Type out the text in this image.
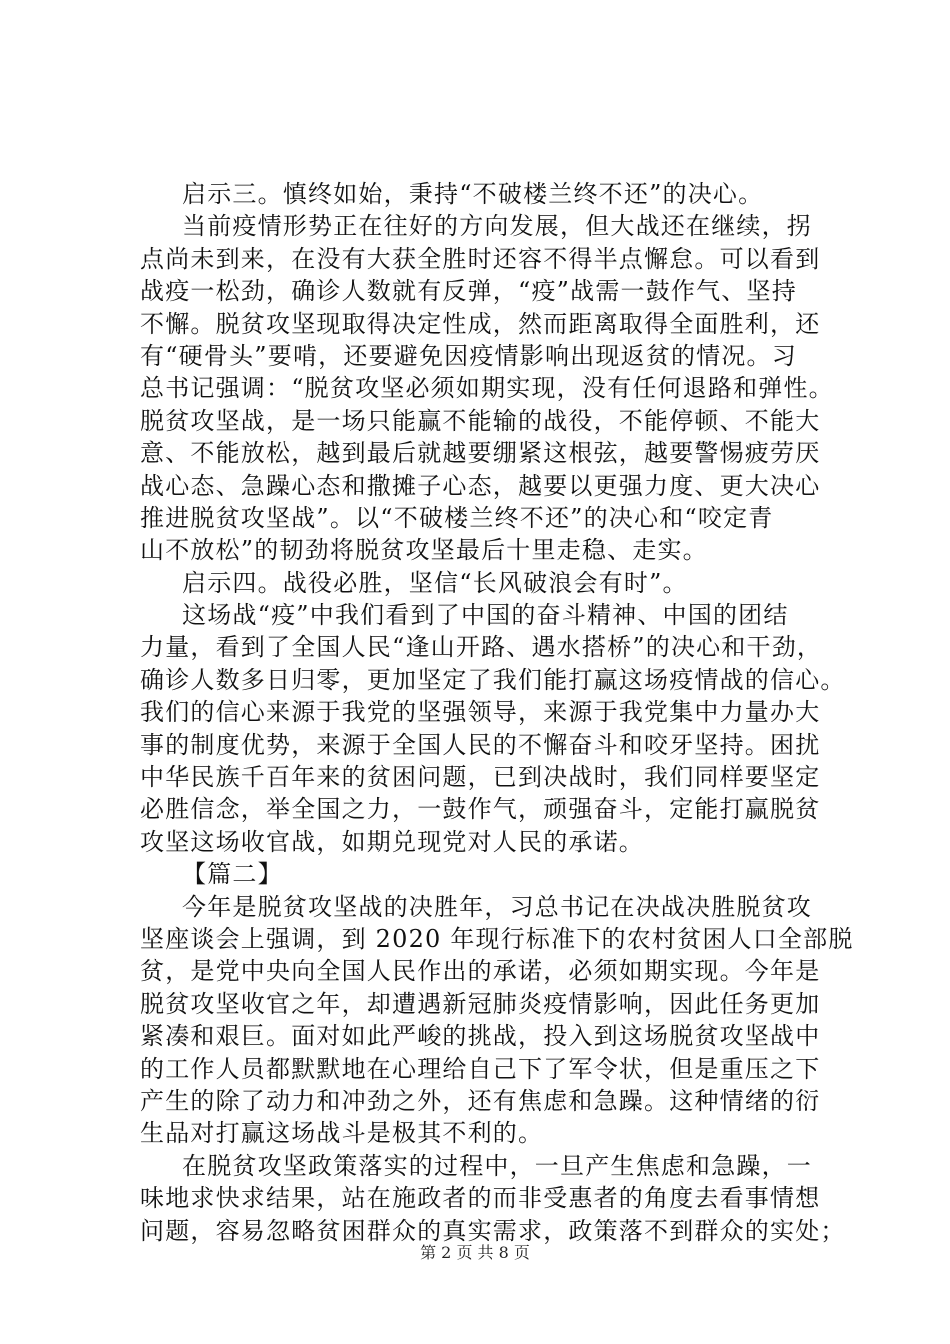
启示三。慎终如始，秉持“不破楼兰终不还”的决心。
当前疫情形势正在往好的方向发展，但大战还在继续，拐
点尚未到来，在没有大获全胜时还容不得半点懈怠。可以看到
战疫一松劲，确诊人数就有反弹，“疫”战需一鼓作气、坚持
不懈。脱贫攻坚现取得决定性成，然而距离取得全面胜利，还
有“硬骨头”要啃，还要避免因疫情影响出现返贫的情况。习
总书记强调：“脱贫攻坚必须如期实现，没有任何退路和弹性。
脱贫攻坚战，是一场只能赢不能输的战役，不能停顿、不能大
意、不能放松，越到最后就越要绷紧这根弦，越要警惕疲劳厌
战心态、急躁心态和撒摊子心态，越要以更强力度、更大决心
推进脱贫攻坚战”。以“不破楼兰终不还”的决心和“咬定青
山不放松”的韧劲将脱贫攻坚最后十里走稳、走实。
启示四。战役必胜，坚信“长风破浪会有时”。
这场战“疫”中我们看到了中国的奋斗精神、中国的团结
力量，看到了全国人民“逢山开路、遇水搭桥”的决心和干劲，
确诊人数多日归零，更加坚定了我们能打赢这场疫情战的信心。
我们的信心来源于我党的坚强领导，来源于我党集中力量办大
事的制度优势，来源于全国人民的不懈奋斗和咬牙坚持。困扰
中华民族千百年来的贫困问题，已到决战时，我们同样要坚定
必胜信念，举全国之力，一鼓作气，顽强奋斗，定能打赢脱贫
攻坚这场收官战，如期兑现党对人民的承诺。
【篇二】
今年是脱贫攻坚战的决胜年，习总书记在决战决胜脱贫攻
坚座谈会上强调，到 2020 年现行标准下的农村贫困人口全部脱
贫，是党中央向全国人民作出的承诺，必须如期实现。今年是
脱贫攻坚收官之年，却遭遇新冠肺炎疫情影响，因此任务更加
紧凑和艰巨。面对如此严峻的挑战，投入到这场脱贫攻坚战中
的工作人员都默默地在心理给自己下了军令状，但是重压之下
产生的除了动力和冲劲之外，还有焦虑和急躁。这种情绪的衍
生品对打赢这场战斗是极其不利的。
在脱贫攻坚政策落实的过程中，一旦产生焦虑和急躁，一
味地求快求结果，站在施政者的而非受惠者的角度去看事情想
问题，容易忽略贫困群众的真实需求，政策落不到群众的实处；
第 2 页 共 8 页
